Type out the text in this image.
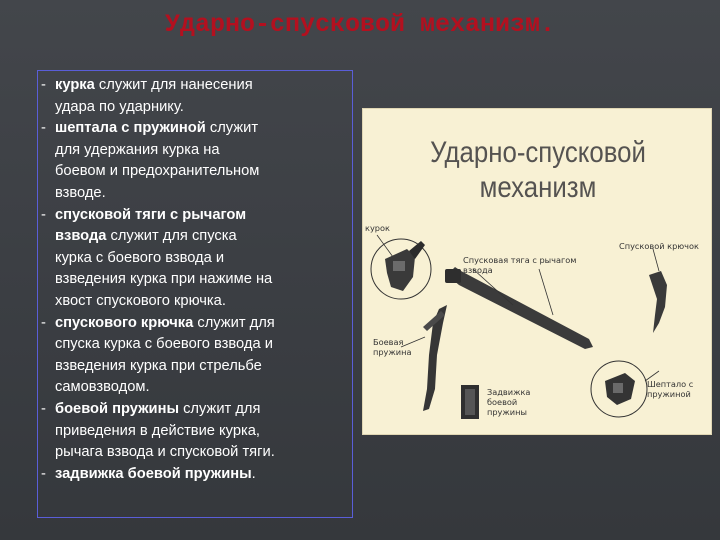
Ударно-спусковой механизм.
- курка служит для нанесения
удара по ударнику.
- шептала с пружиной служит
для удержания курка на
боевом и предохранительном
взводе.
- спусковой тяги с рычагом
взвода служит для спуска
курка с боевого взвода и
взведения курка при нажиме на
хвост спускового крючка.
- спускового крючка служит для
спуска курка с боевого взвода и
взведения курка при стрельбе
самовзводом.
- боевой пружины служит для
приведения в действие курка,
рычага взвода и спусковой тяги.
- задвижка боевой пружины.
Ударно-спусковой
механизм
курок
Спусковая тяга с рычагом
взвода
Спусковой крючок
Боевая
пружина
Задвижка
боевой
пружины
Шептало с
пружиной
